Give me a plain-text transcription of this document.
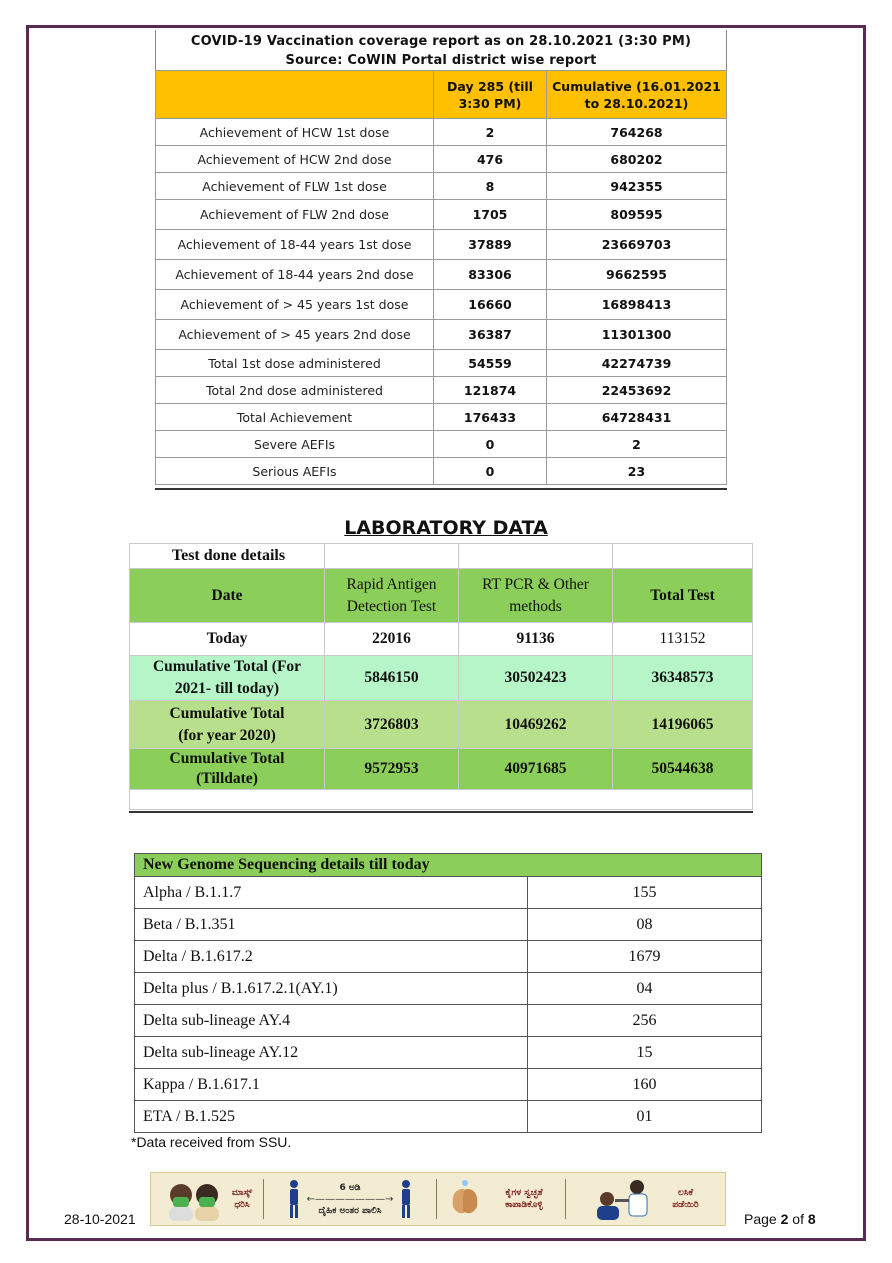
COVID-19 Vaccination coverage report as on 28.10.2021 (3:30 PM)
Source: CoWIN Portal district wise report
	Day 285 (till 3:30 PM)	Cumulative (16.01.2021 to 28.10.2021)
Achievement of HCW 1st dose	2	764268
Achievement of HCW 2nd dose	476	680202
Achievement of FLW 1st dose	8	942355
Achievement of FLW 2nd dose	1705	809595
Achievement of 18-44 years 1st dose	37889	23669703
Achievement of 18-44 years 2nd dose	83306	9662595
Achievement of > 45 years 1st dose	16660	16898413
Achievement of > 45 years 2nd dose	36387	11301300
Total 1st dose administered	54559	42274739
Total 2nd dose administered	121874	22453692
Total Achievement	176433	64728431
Severe AEFIs	0	2
Serious AEFIs	0	23
LABORATORY DATA
Test done details			
Date	Rapid Antigen Detection Test	RT PCR & Other methods	Total Test
Today	22016	91136	113152
Cumulative Total (For 2021- till today)	5846150	30502423	36348573
Cumulative Total (for year 2020)	3726803	10469262	14196065
Cumulative Total (Tilldate)	9572953	40971685	50544638

New Genome Sequencing details till today	
Alpha / B.1.1.7	155
Beta / B.1.351	08
Delta / B.1.617.2	1679
Delta plus / B.1.617.2.1(AY.1)	04
Delta sub-lineage AY.4	256
Delta sub-lineage AY.12	15
Kappa / B.1.617.1	160
ETA / B.1.525	01
*Data received from SSU.
28-10-2021
ಮಾಸ್ಕ್ ಧರಿಸಿ
6 ಅಡಿ
←———————→
ದೈಹಿಕ ಅಂತರ ಪಾಲಿಸಿ
ಕೈಗಳ ಸ್ವಚ್ಛತೆ ಕಾಪಾಡಿಕೊಳ್ಳಿ
ಲಸಿಕೆ ಪಡೆಯಿರಿ
Page 2 of 8
